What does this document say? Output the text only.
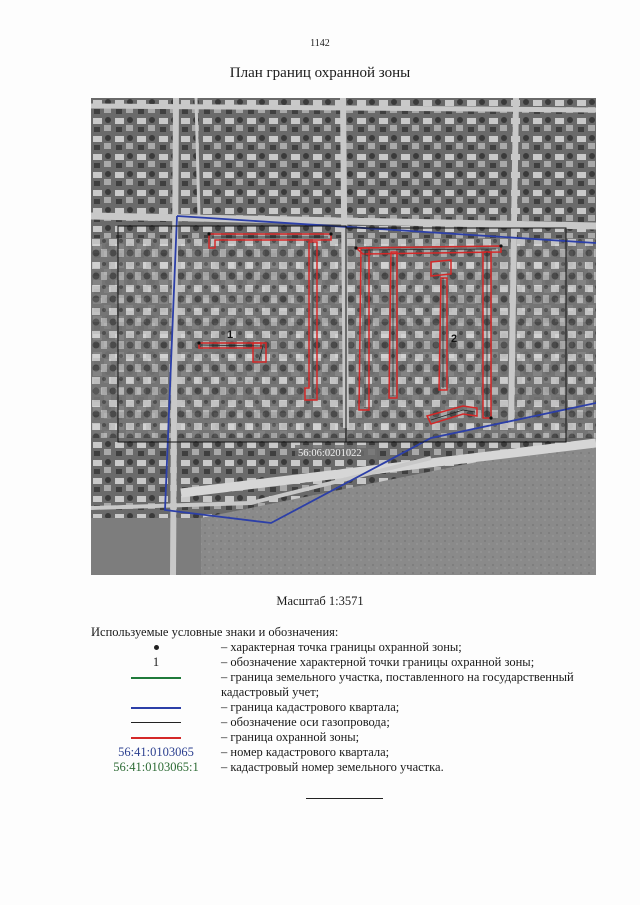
1142
План границ охранной зоны
1	2
56:06:0201022
Масштаб 1:3571
Используемые условные знаки и обозначения:
– характерная точка границы охранной зоны;
1	– обозначение характерной точки границы охранной зоны;
– граница земельного участка, поставленного на государственный кадастровый учет;
– граница кадастрового квартала;
– обозначение оси газопровода;
– граница охранной зоны;
56:41:0103065	– номер кадастрового квартала;
56:41:0103065:1	– кадастровый номер земельного участка.
